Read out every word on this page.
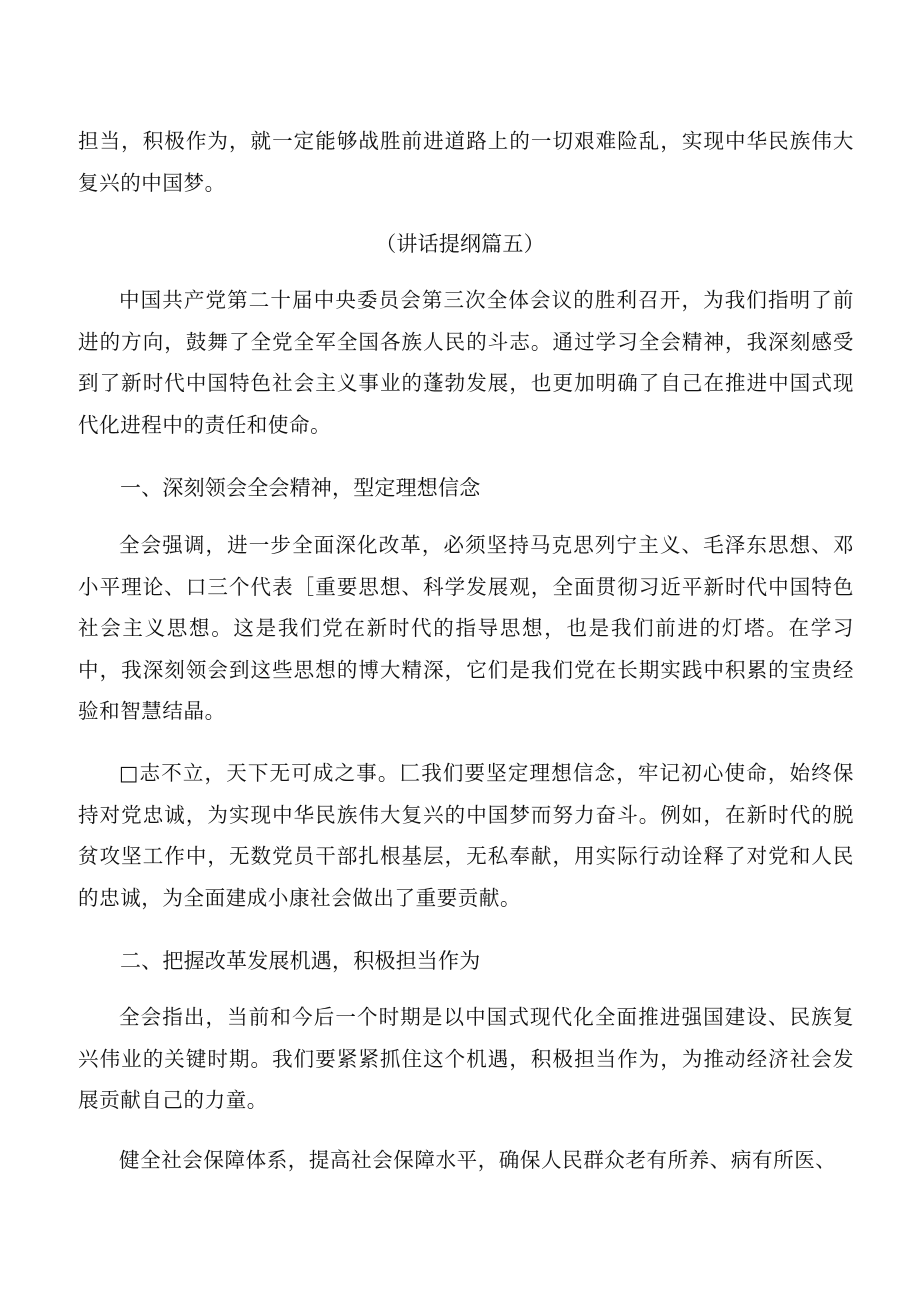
担当，积极作为，就一定能够战胜前进道路上的一切艰难险乱，实现中华民族伟大复兴的中国梦。

（讲话提纲篇五）

中国共产党第二十届中央委员会第三次全体会议的胜利召开，为我们指明了前进的方向，鼓舞了全党全军全国各族人民的斗志。通过学习全会精神，我深刻感受到了新时代中国特色社会主义事业的蓬勃发展，也更加明确了自己在推进中国式现代化进程中的责任和使命。

一、深刻领会全会精神，型定理想信念

全会强调，进一步全面深化改革，必须坚持马克思列宁主义、毛泽东思想、邓小平理论、口三个代表［重要思想、科学发展观，全面贯彻习近平新时代中国特色社会主义思想。这是我们党在新时代的指导思想，也是我们前进的灯塔。在学习中，我深刻领会到这些思想的博大精深，它们是我们党在长期实践中积累的宝贵经验和智慧结晶。

□志不立，天下无可成之事。匚我们要坚定理想信念，牢记初心使命，始终保持对党忠诚，为实现中华民族伟大复兴的中国梦而努力奋斗。例如，在新时代的脱贫攻坚工作中，无数党员干部扎根基层，无私奉献，用实际行动诠释了对党和人民的忠诚，为全面建成小康社会做出了重要贡献。

二、把握改革发展机遇，积极担当作为

全会指出，当前和今后一个时期是以中国式现代化全面推进强国建设、民族复兴伟业的关键时期。我们要紧紧抓住这个机遇，积极担当作为，为推动经济社会发展贡献自己的力童。

健全社会保障体系，提高社会保障水平，确保人民群众老有所养、病有所医、
